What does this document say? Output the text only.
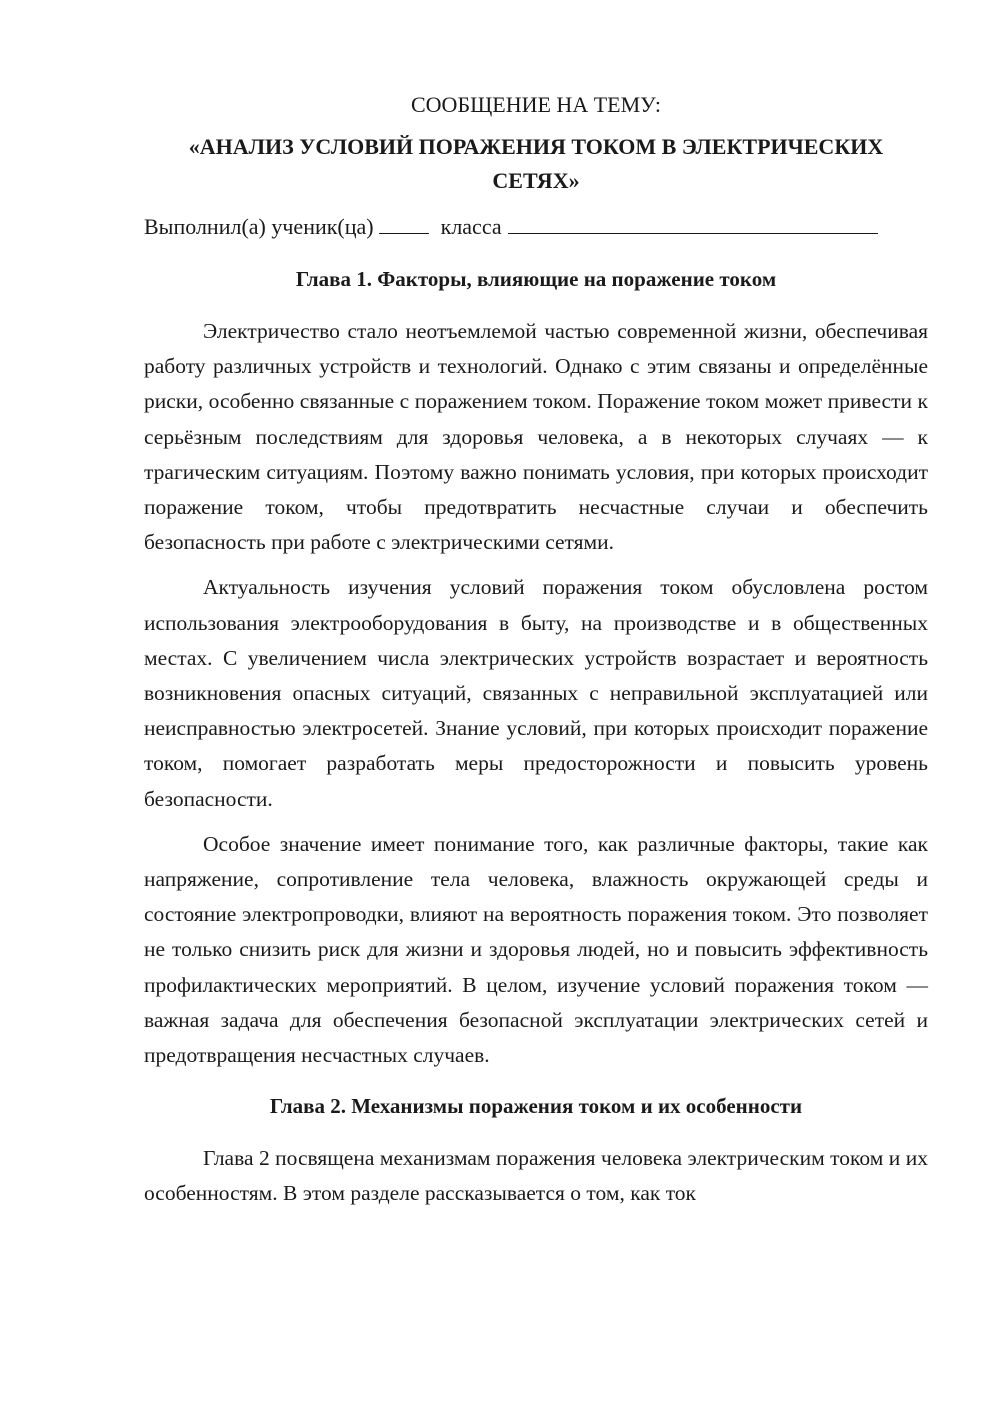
СООБЩЕНИЕ НА ТЕМУ:

«АНАЛИЗ УСЛОВИЙ ПОРАЖЕНИЯ ТОКОМ В ЭЛЕКТРИЧЕСКИХ СЕТЯХ»

Выполнил(а) ученик(ца)	класса

Глава 1. Факторы, влияющие на поражение током

Электричество стало неотъемлемой частью современной жизни, обеспечивая работу различных устройств и технологий. Однако с этим связаны и определённые риски, особенно связанные с поражением током. Поражение током может привести к серьёзным последствиям для здоровья человека, а в некоторых случаях — к трагическим ситуациям. Поэтому важно понимать условия, при которых происходит поражение током, чтобы предотвратить несчастные случаи и обеспечить безопасность при работе с электрическими сетями.

Актуальность изучения условий поражения током обусловлена ростом использования электрооборудования в быту, на производстве и в общественных местах. С увеличением числа электрических устройств возрастает и вероятность возникновения опасных ситуаций, связанных с неправильной эксплуатацией или неисправностью электросетей. Знание условий, при которых происходит поражение током, помогает разработать меры предосторожности и повысить уровень безопасности.

Особое значение имеет понимание того, как различные факторы, такие как напряжение, сопротивление тела человека, влажность окружающей среды и состояние электропроводки, влияют на вероятность поражения током. Это позволяет не только снизить риск для жизни и здоровья людей, но и повысить эффективность профилактических мероприятий. В целом, изучение условий поражения током — важная задача для обеспечения безопасной эксплуатации электрических сетей и предотвращения несчастных случаев.

Глава 2. Механизмы поражения током и их особенности

Глава 2 посвящена механизмам поражения человека электрическим током и их особенностям. В этом разделе рассказывается о том, как ток
